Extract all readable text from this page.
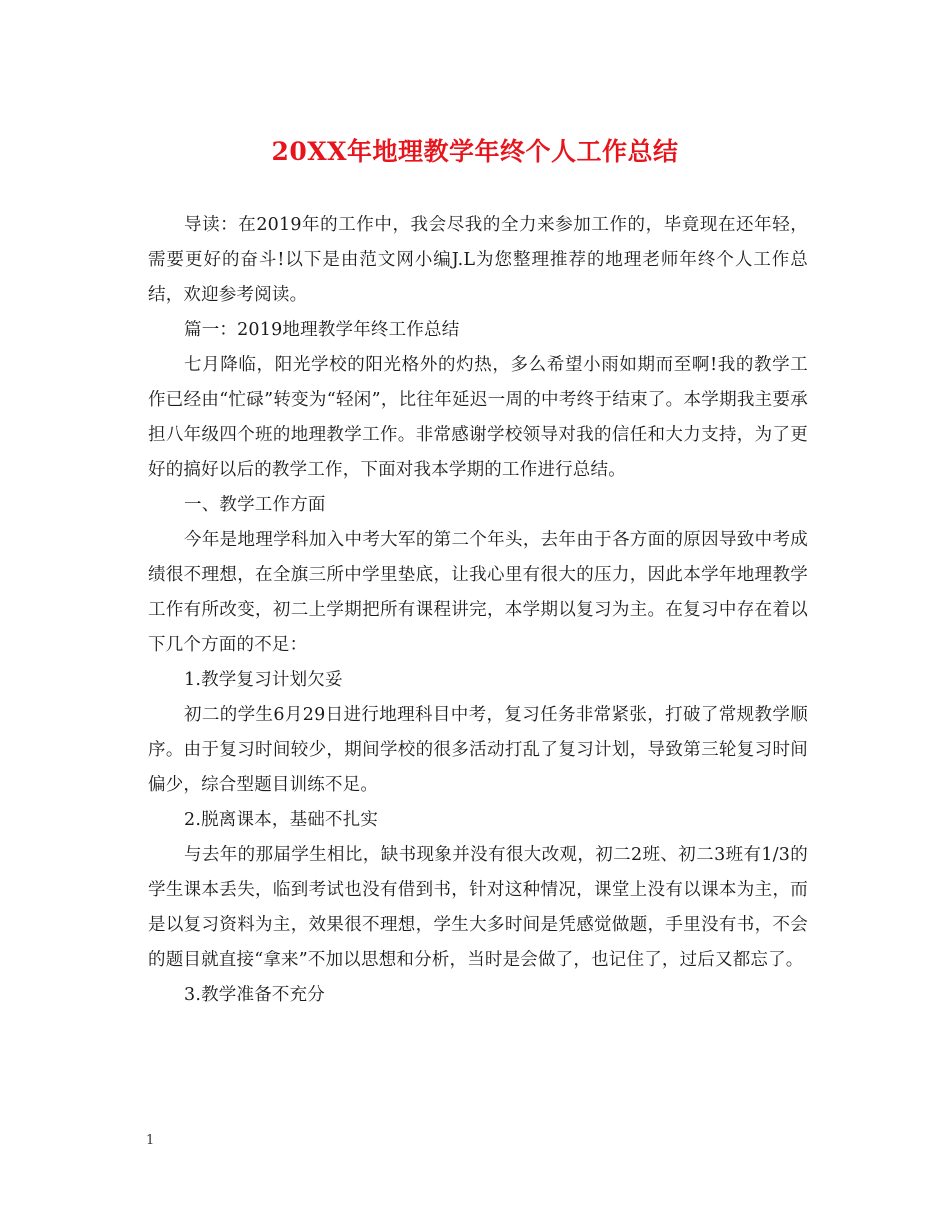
20XX年地理教学年终个人工作总结

导读：在2019年的工作中，我会尽我的全力来参加工作的，毕竟现在还年轻，需要更好的奋斗!以下是由范文网小编J.L为您整理推荐的地理老师年终个人工作总结，欢迎参考阅读。

篇一：2019地理教学年终工作总结

七月降临，阳光学校的阳光格外的灼热，多么希望小雨如期而至啊!我的教学工作已经由“忙碌”转变为“轻闲”，比往年延迟一周的中考终于结束了。本学期我主要承担八年级四个班的地理教学工作。非常感谢学校领导对我的信任和大力支持，为了更好的搞好以后的教学工作，下面对我本学期的工作进行总结。

一、教学工作方面

今年是地理学科加入中考大军的第二个年头，去年由于各方面的原因导致中考成绩很不理想，在全旗三所中学里垫底，让我心里有很大的压力，因此本学年地理教学工作有所改变，初二上学期把所有课程讲完，本学期以复习为主。在复习中存在着以下几个方面的不足：

1.教学复习计划欠妥

初二的学生6月29日进行地理科目中考，复习任务非常紧张，打破了常规教学顺序。由于复习时间较少，期间学校的很多活动打乱了复习计划，导致第三轮复习时间偏少，综合型题目训练不足。

2.脱离课本，基础不扎实

与去年的那届学生相比，缺书现象并没有很大改观，初二2班、初二3班有1/3的学生课本丢失，临到考试也没有借到书，针对这种情况，课堂上没有以课本为主，而是以复习资料为主，效果很不理想，学生大多时间是凭感觉做题，手里没有书，不会的题目就直接“拿来”不加以思想和分析，当时是会做了，也记住了，过后又都忘了。

3.教学准备不充分

1
